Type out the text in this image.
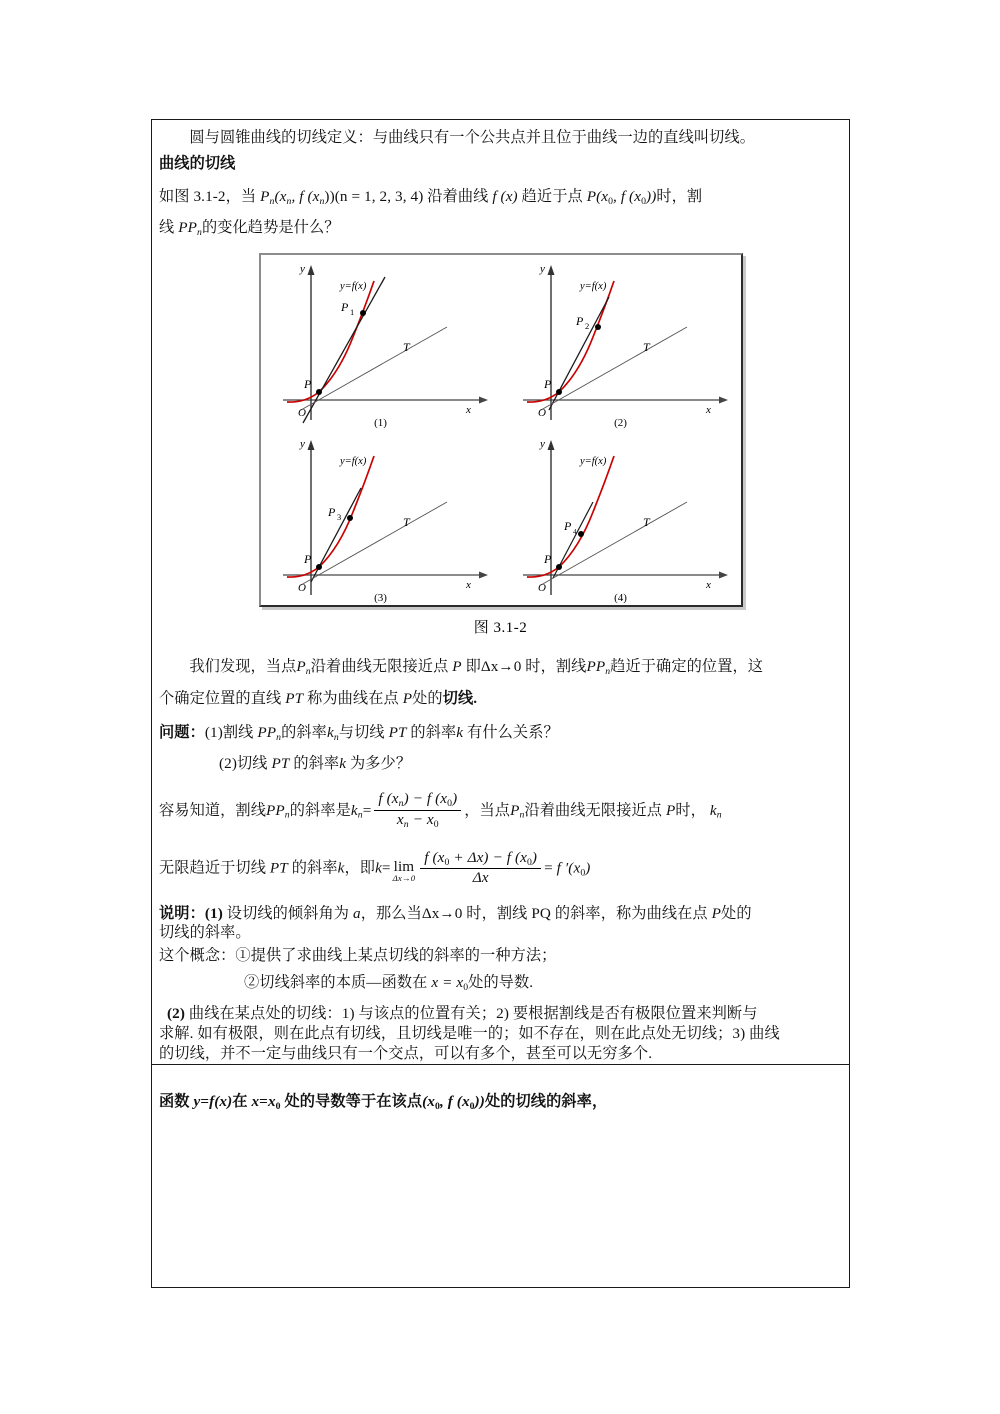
圆与圆锥曲线的切线定义：与曲线只有一个公共点并且位于曲线一边的直线叫切线。

曲线的切线

如图 3.1-2，当 $P_n(x_n$, f $(x_n))(n = 1$, 2, 3, 4) 沿着曲线 f (x) 趋近于点 $P(x_0$, f $(x_0)$)时，割

线 $PP_n$的变化趋势是什么？

y=f(x)
P 1
P
O
T
x
y
(1)
y=f(x)
P 2
P
O
T
x
y
(2)
y=f(x)
P 3
P
O
T
x
y
(3)
y=f(x)
P 4
P
O
T
x
y
(4)
图 3.1-2

我们发现，当点$P_n$沿着曲线无限接近点 P 即Δx→0 时，割线$PP_n$趋近于确定的位置，这

个确定位置的直线 PT 称为曲线在点 P处的切线.

问题：(1)割线 $PP_n$的斜率$k_n$与切线 PT 的斜率k 有什么关系？

(2)切线 PT 的斜率k 为多少？

容易知道，割线$PP_n$的斜率是$k_n= \frac{f (x_n) - f (x_0)}{x_n - x_0}$ ，当点$P_n$沿着曲线无限接近点 P时， $k_n$

无限趋近于切线 PT 的斜率k，即k= lim
$\Delta x\to 0 \frac{f (x_0 + \Delta x) - f (x_0)}{\Delta x} = f$ $'(x_0)$

说明：(1) 设切线的倾斜角为 a，那么当Δx→0 时，割线 PQ 的斜率，称为曲线在点 P处的

切线的斜率。

这个概念：①提供了求曲线上某点切线的斜率的一种方法；

②切线斜率的本质—函数在 $x = x_0$处的导数.

(2) 曲线在某点处的切线：1) 与该点的位置有关；2) 要根据割线是否有极限位置来判断与

求解. 如有极限，则在此点有切线，且切线是唯一的；如不存在，则在此点处无切线；3) 曲线

的切线，并不一定与曲线只有一个交点，可以有多个，甚至可以无穷多个.

函数 y=f(x)在 $x=x_0$ 处的导数等于在该点($x_0$, f $(x_0)$)处的切线的斜率，
